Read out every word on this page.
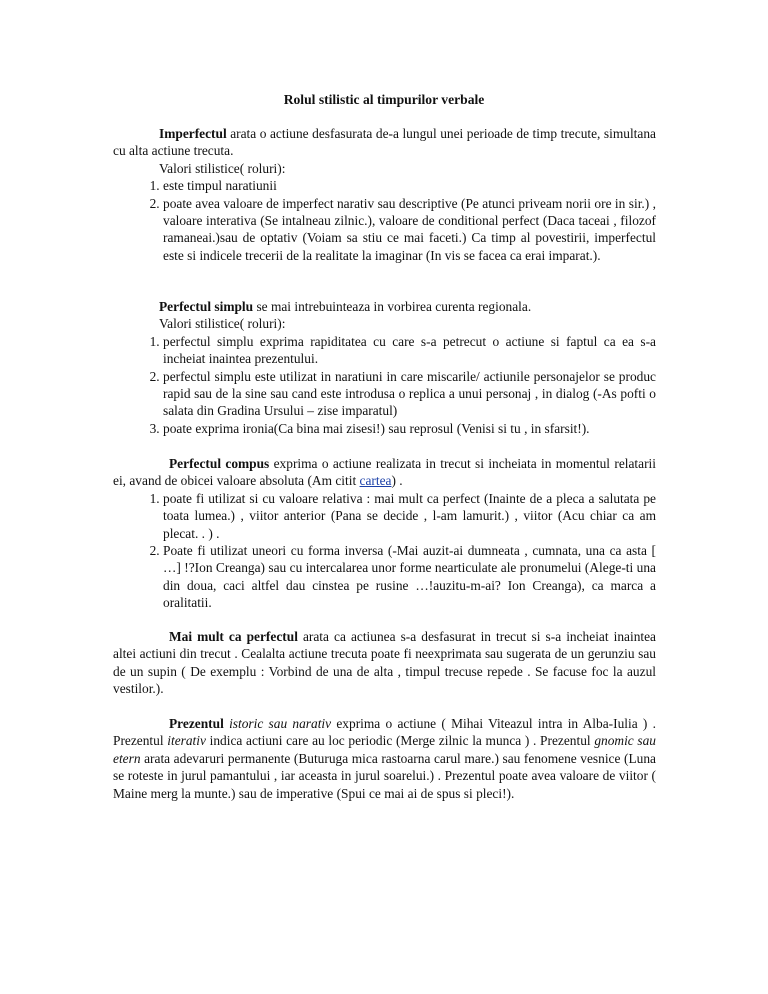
Rolul stilistic al timpurilor verbale

Imperfectul arata o actiune desfasurata de-a lungul unei perioade de timp trecute, simultana cu alta actiune trecuta.

Valori stilistice( roluri):

1. este timpul naratiunii
2. poate avea valoare de imperfect narativ sau descriptive (Pe atunci priveam norii ore in sir.) , valoare interativa (Se intalneau zilnic.), valoare de conditional perfect (Daca taceai , filozof ramaneai.)sau de optativ (Voiam sa stiu ce mai faceti.) Ca timp al povestirii, imperfectul este si indicele trecerii de la realitate la imaginar (In vis se facea ca erai imparat.).

Perfectul simplu se mai intrebuinteaza in vorbirea curenta regionala.

Valori stilistice( roluri):

1. perfectul simplu exprima rapiditatea cu care s-a petrecut o actiune si faptul ca ea s-a incheiat inaintea prezentului.
2. perfectul simplu este utilizat in naratiuni in care miscarile/ actiunile personajelor se produc rapid sau de la sine sau cand este introdusa o replica a unui personaj , in dialog (-As pofti o salata din Gradina Ursului – zise imparatul)
3. poate exprima ironia(Ca bina mai zisesi!) sau reprosul (Venisi si tu , in sfarsit!).

Perfectul compus exprima o actiune realizata in trecut si incheiata in momentul relatarii ei, avand de obicei valoare absoluta (Am citit cartea) .

1. poate fi utilizat si cu valoare relativa : mai mult ca perfect (Inainte de a pleca a salutata pe toata lumea.) , viitor anterior (Pana se decide , l-am lamurit.) , viitor (Acu chiar ca am plecat. . ) .
2. Poate fi utilizat uneori cu forma inversa (-Mai auzit-ai dumneata , cumnata, una ca asta [ …] !?Ion Creanga) sau cu intercalarea unor forme nearticulate ale pronumelui (Alege-ti una din doua, caci altfel dau cinstea pe rusine …!auzitu-m-ai? Ion Creanga), ca marca a oralitatii.

Mai mult ca perfectul arata ca actiunea s-a desfasurat in trecut si s-a incheiat inaintea altei actiuni din trecut . Cealalta actiune trecuta poate fi neexprimata sau sugerata de un gerunziu sau de un supin ( De exemplu : Vorbind de una de alta , timpul trecuse repede . Se facuse foc la auzul vestilor.).

Prezentul istoric sau narativ exprima o actiune ( Mihai Viteazul intra in Alba-Iulia ) . Prezentul iterativ indica actiuni care au loc periodic (Merge zilnic la munca ) . Prezentul gnomic sau etern arata adevaruri permanente (Buturuga mica rastoarna carul mare.) sau fenomene vesnice (Luna se roteste in jurul pamantului , iar aceasta in jurul soarelui.) . Prezentul poate avea valoare de viitor ( Maine merg la munte.) sau de imperative (Spui ce mai ai de spus si pleci!).
